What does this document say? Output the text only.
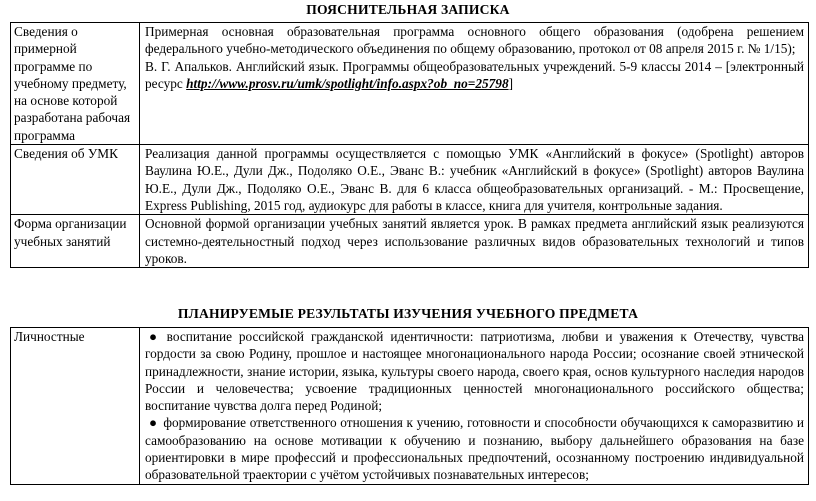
ПОЯСНИТЕЛЬНАЯ ЗАПИСКА
Сведения о примерной программе по учебному предмету, на основе которой разработана рабочая программа	Примерная основная образовательная программа основного общего образования (одобрена решением федерального учебно-методического объединения по общему образованию, протокол от 08 апреля 2015 г. № 1/15);
В. Г. Апальков. Английский язык. Программы общеобразовательных учреждений. 5-9 классы 2014 – [электронный ресурс http://www.prosv.ru/umk/spotlight/info.aspx?ob_no=25798]
Сведения об УМК	Реализация данной программы осуществляется с помощью УМК «Английский в фокусе» (Spotlight) авторов Ваулина Ю.Е., Дули Дж., Подоляко О.Е., Эванс В.: учебник «Английский в фокусе» (Spotlight) авторов Ваулина Ю.Е., Дули Дж., Подоляко О.Е., Эванс В. для 6 класса общеобразовательных организаций. - М.: Просвещение, Express Publishing, 2015 год, аудиокурс для работы в классе, книга для учителя, контрольные задания.
Форма организации учебных занятий	Основной формой организации учебных занятий является урок. В рамках предмета английский язык реализуются системно-деятельностный подход через использование различных видов образовательных технологий и типов уроков.
ПЛАНИРУЕМЫЕ РЕЗУЛЬТАТЫ ИЗУЧЕНИЯ УЧЕБНОГО ПРЕДМЕТА
Личностные	● воспитание российской гражданской идентичности: патриотизма, любви и уважения к Отечеству, чувства гордости за свою Родину, прошлое и настоящее многонационального народа России; осознание своей этнической принадлежности, знание истории, языка, культуры своего народа, своего края, основ культурного наследия народов России и человечества; усвоение традиционных ценностей многонационального российского общества; воспитание чувства долга перед Родиной;
● формирование ответственного отношения к учению, готовности и способности обучающихся к саморазвитию и самообразованию на основе мотивации к обучению и познанию, выбору дальнейшего образования на базе ориентировки в мире профессий и профессиональных предпочтений, осознанному построению индивидуальной образовательной траектории с учётом устойчивых познавательных интересов;
